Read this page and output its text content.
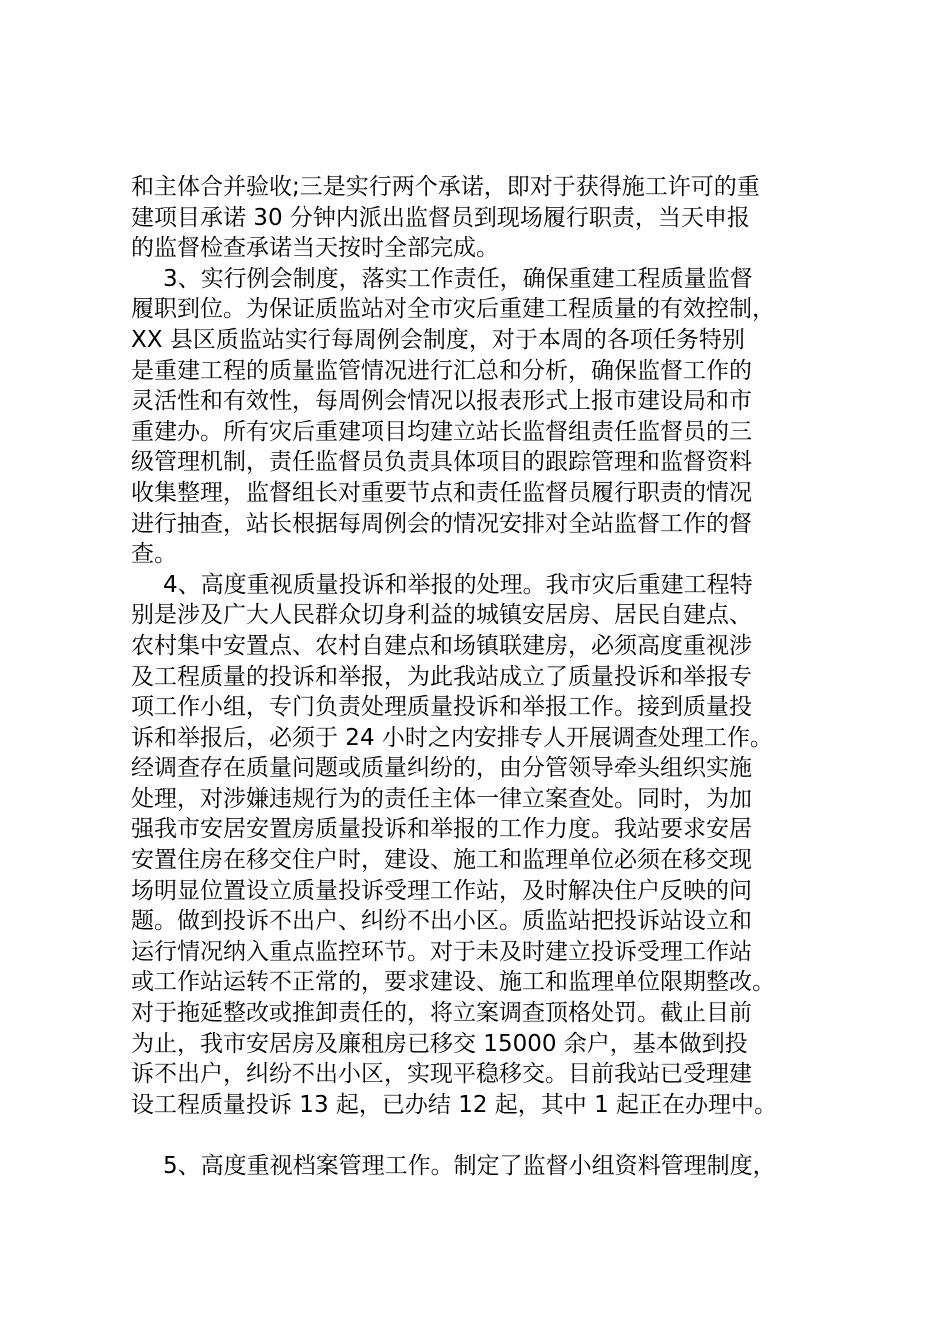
和主体合并验收;三是实行两个承诺，即对于获得施工许可的重
建项目承诺 30 分钟内派出监督员到现场履行职责，当天申报
的监督检查承诺当天按时全部完成。
3、实行例会制度，落实工作责任，确保重建工程质量监督
履职到位。为保证质监站对全市灾后重建工程质量的有效控制，
XX 县区质监站实行每周例会制度，对于本周的各项任务特别
是重建工程的质量监管情况进行汇总和分析，确保监督工作的
灵活性和有效性，每周例会情况以报表形式上报市建设局和市
重建办。所有灾后重建项目均建立站长监督组责任监督员的三
级管理机制，责任监督员负责具体项目的跟踪管理和监督资料
收集整理，监督组长对重要节点和责任监督员履行职责的情况
进行抽查，站长根据每周例会的情况安排对全站监督工作的督
查。
4、高度重视质量投诉和举报的处理。我市灾后重建工程特
别是涉及广大人民群众切身利益的城镇安居房、居民自建点、
农村集中安置点、农村自建点和场镇联建房，必须高度重视涉
及工程质量的投诉和举报，为此我站成立了质量投诉和举报专
项工作小组，专门负责处理质量投诉和举报工作。接到质量投
诉和举报后，必须于 24 小时之内安排专人开展调查处理工作。
经调查存在质量问题或质量纠纷的，由分管领导牵头组织实施
处理，对涉嫌违规行为的责任主体一律立案查处。同时，为加
强我市安居安置房质量投诉和举报的工作力度。我站要求安居
安置住房在移交住户时，建设、施工和监理单位必须在移交现
场明显位置设立质量投诉受理工作站，及时解决住户反映的问
题。做到投诉不出户、纠纷不出小区。质监站把投诉站设立和
运行情况纳入重点监控环节。对于未及时建立投诉受理工作站
或工作站运转不正常的，要求建设、施工和监理单位限期整改。
对于拖延整改或推卸责任的，将立案调查顶格处罚。截止目前
为止，我市安居房及廉租房已移交 15000 余户，基本做到投
诉不出户，纠纷不出小区，实现平稳移交。目前我站已受理建
设工程质量投诉 13 起，已办结 12 起，其中 1 起正在办理中。
5、高度重视档案管理工作。制定了监督小组资料管理制度，
